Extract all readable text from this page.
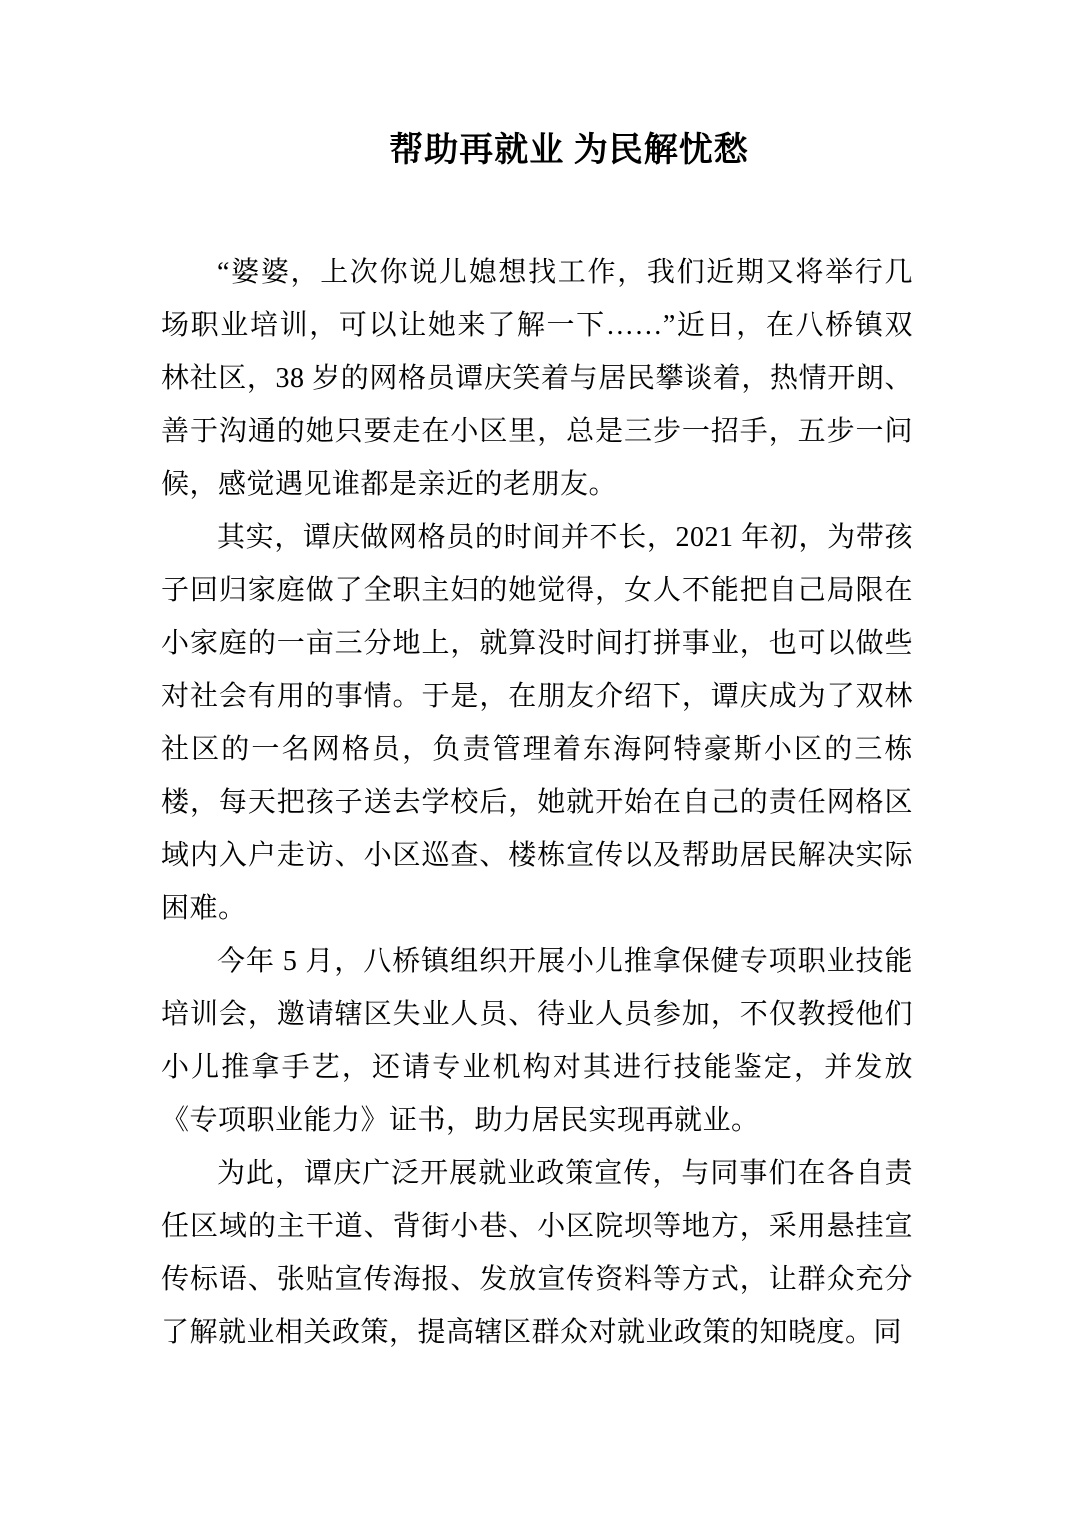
帮助再就业 为民解忧愁

“婆婆，上次你说儿媳想找工作，我们近期又将举行几场职业培训，可以让她来了解一下……”近日，在八桥镇双林社区，38 岁的网格员谭庆笑着与居民攀谈着，热情开朗、善于沟通的她只要走在小区里，总是三步一招手，五步一问候，感觉遇见谁都是亲近的老朋友。

其实，谭庆做网格员的时间并不长，2021 年初，为带孩子回归家庭做了全职主妇的她觉得，女人不能把自己局限在小家庭的一亩三分地上，就算没时间打拼事业，也可以做些对社会有用的事情。于是，在朋友介绍下，谭庆成为了双林社区的一名网格员，负责管理着东海阿特豪斯小区的三栋楼，每天把孩子送去学校后，她就开始在自己的责任网格区域内入户走访、小区巡查、楼栋宣传以及帮助居民解决实际困难。

今年 5 月，八桥镇组织开展小儿推拿保健专项职业技能培训会，邀请辖区失业人员、待业人员参加，不仅教授他们小儿推拿手艺，还请专业机构对其进行技能鉴定，并发放《专项职业能力》证书，助力居民实现再就业。

为此，谭庆广泛开展就业政策宣传，与同事们在各自责任区域的主干道、背街小巷、小区院坝等地方，采用悬挂宣传标语、张贴宣传海报、发放宣传资料等方式，让群众充分了解就业相关政策，提高辖区群众对就业政策的知晓度。同
